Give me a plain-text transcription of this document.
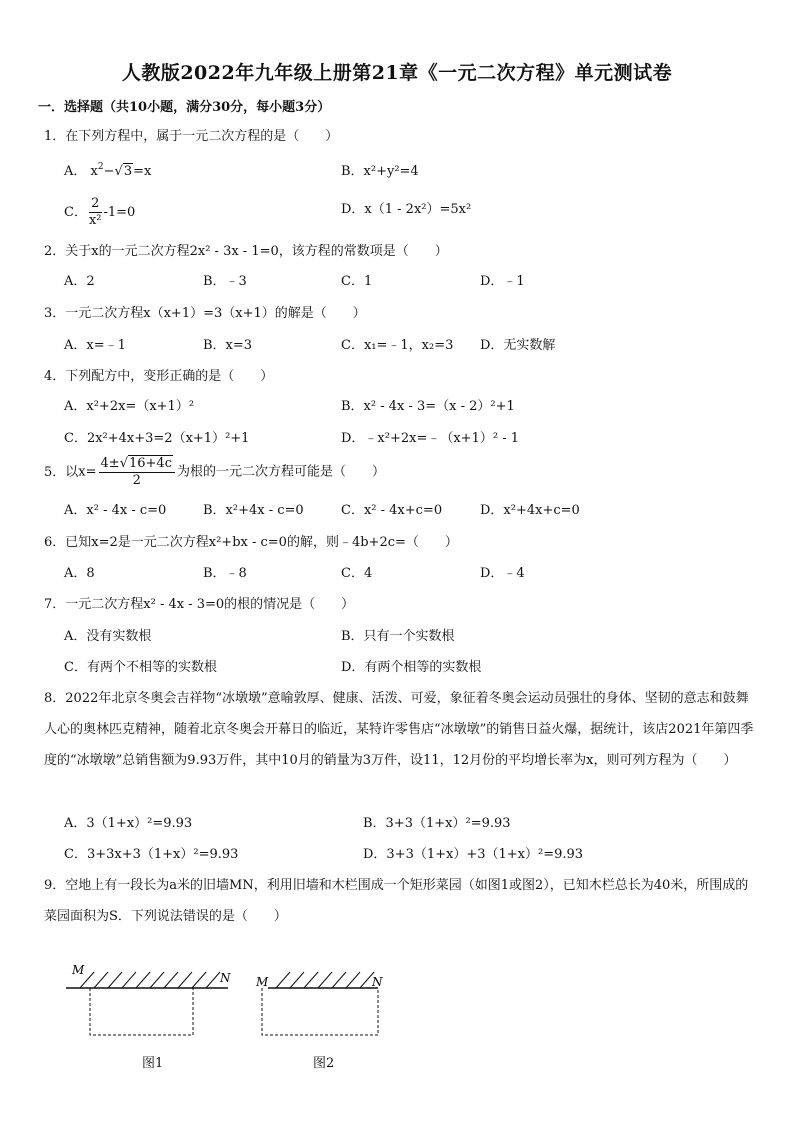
人教版2022年九年级上册第21章《一元二次方程》单元测试卷
一．选择题（共10小题，满分30分，每小题3分）
1．在下列方程中，属于一元二次方程的是（　　）
A． $x^2-√3=x$	B．x²+y²=4
C． $\frac{2}{\text{x²}} -1=0$	D．x（1 - 2x²）=5x²
2．关于x的一元二次方程2x² - 3x - 1=0，该方程的常数项是（　　）
A．2	B．﹣3	C．1	D．﹣1
3．一元二次方程x（x+1）=3（x+1）的解是（　　）
A．x=﹣1	B．x=3	C．x₁=﹣1，x₂=3 D．无实数解
4．下列配方中，变形正确的是（　　）
A．x²+2x=（x+1）²	B．x² - 4x - 3=（x - 2）²+1
C．2x²+4x+3=2（x+1）²+1	D．﹣x²+2x=﹣（x+1）² - 1
5．以$x= \frac{4\pm√16+4c}{2}$ 为根的一元二次方程可能是（　　）
A．x² - 4x - c=0	B．x²+4x - c=0	C．x² - 4x+c=0	D．x²+4x+c=0
6．已知x=2是一元二次方程x²+bx - c=0的解，则﹣4b+2c=（　　）
A．8	B．﹣8	C．4	D．﹣4
7．一元二次方程x² - 4x - 3=0的根的情况是（　　）
A．没有实数根	B．只有一个实数根
C．有两个不相等的实数根	D．有两个相等的实数根
8．2022年北京冬奥会吉祥物“冰墩墩”意喻敦厚、健康、活泼、可爱，象征着冬奥会运动员强壮的身体、坚韧的意志和鼓舞人心的奥林匹克精神，随着北京冬奥会开幕日的临近，某特许零售店“冰墩墩”的销售日益火爆，据统计，该店2021年第四季度的“冰墩墩”总销售额为9.93万件，其中10月的销量为3万件，设11，12月份的平均增长率为x，则可列方程为（　　）
A．3（1+x）²=9.93	B．3+3（1+x）²=9.93
C．3+3x+3（1+x）²=9.93	D．3+3（1+x）+3（1+x）²=9.93
9．空地上有一段长为a米的旧墙MN，利用旧墙和木栏围成一个矩形菜园（如图1或图2），已知木栏总长为40米，所围成的菜园面积为S．下列说法错误的是（　　）
M
N
图1
M	N
图2
